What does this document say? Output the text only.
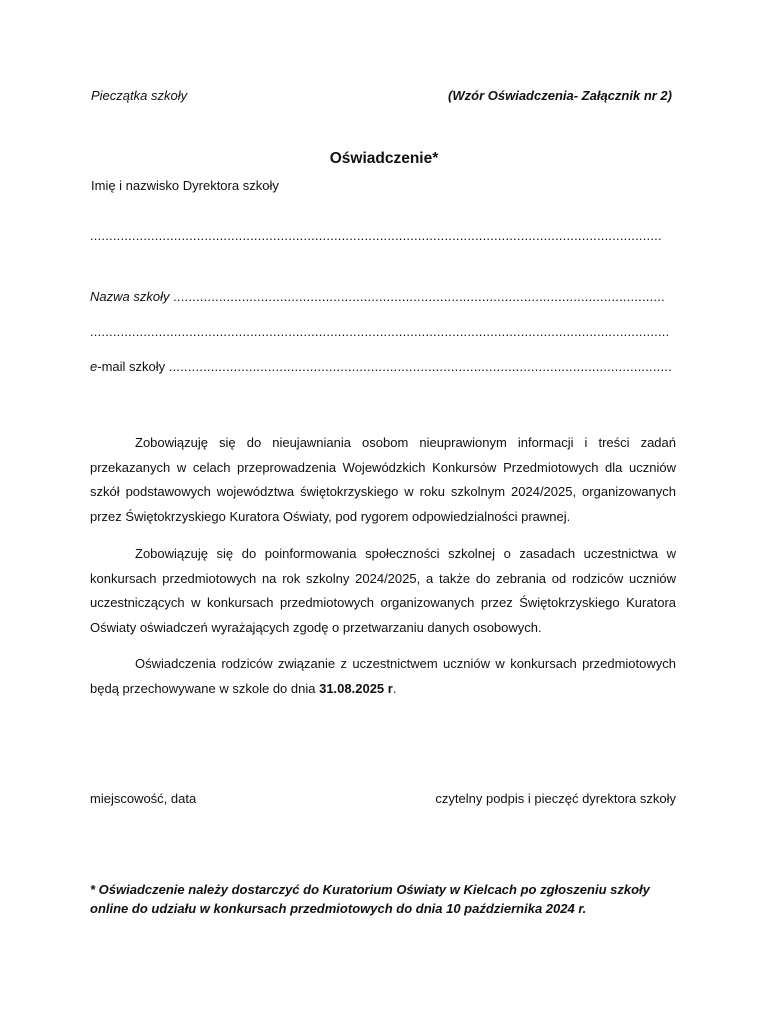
Pieczątka szkoły	(Wzór Oświadczenia- Załącznik nr 2)
Oświadczenie*
Imię i nazwisko Dyrektora szkoły
.....
Nazwa szkoły

.....
.....
e-mail szkoły

.....
Zobowiązuję się do nieujawniania osobom nieuprawionym informacji i treści zadań przekazanych w celach przeprowadzenia Wojewódzkich Konkursów Przedmiotowych dla uczniów szkół podstawowych województwa świętokrzyskiego w roku szkolnym 2024/2025, organizowanych przez Świętokrzyskiego Kuratora Oświaty, pod rygorem odpowiedzialności prawnej.
Zobowiązuję się do poinformowania społeczności szkolnej o zasadach uczestnictwa w konkursach przedmiotowych na rok szkolny 2024/2025, a także do zebrania od rodziców uczniów uczestniczących w konkursach przedmiotowych organizowanych przez Świętokrzyskiego Kuratora Oświaty oświadczeń wyrażających zgodę o przetwarzaniu danych osobowych.
Oświadczenia rodziców związanie z uczestnictwem uczniów w konkursach przedmiotowych będą przechowywane w szkole do dnia 31.08.2025 r.
miejscowość, data	czytelny podpis i pieczęć dyrektora szkoły
* Oświadczenie należy dostarczyć do Kuratorium Oświaty w Kielcach po zgłoszeniu szkoły online do udziału w konkursach przedmiotowych do dnia 10 października 2024 r.
